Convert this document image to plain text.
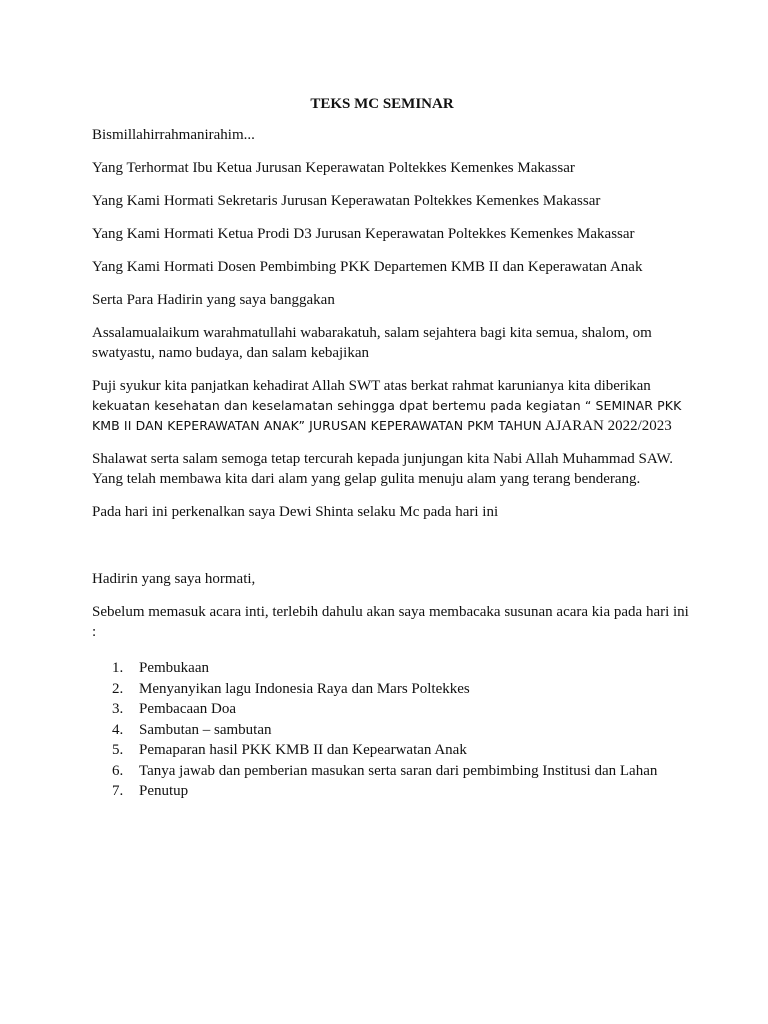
TEKS MC SEMINAR

Bismillahirrahmanirahim...

Yang Terhormat Ibu Ketua Jurusan Keperawatan Poltekkes Kemenkes Makassar

Yang Kami Hormati Sekretaris Jurusan Keperawatan Poltekkes Kemenkes Makassar

Yang Kami Hormati Ketua Prodi D3 Jurusan Keperawatan Poltekkes Kemenkes Makassar

Yang Kami Hormati Dosen Pembimbing PKK Departemen KMB II dan Keperawatan Anak

Serta Para Hadirin yang saya banggakan

Assalamualaikum warahmatullahi wabarakatuh, salam sejahtera bagi kita semua, shalom, om swatyastu, namo budaya, dan salam kebajikan

Puji syukur kita panjatkan kehadirat Allah SWT atas berkat rahmat karunianya kita diberikan kekuatan kesehatan dan keselamatan sehingga dpat bertemu pada kegiatan “ SEMINAR PKK KMB II DAN KEPERAWATAN ANAK” JURUSAN KEPERAWATAN PKM TAHUN AJARAN 2022/2023

Shalawat serta salam semoga tetap tercurah kepada junjungan kita Nabi Allah Muhammad SAW. Yang telah membawa kita dari alam yang gelap gulita menuju alam yang terang benderang.

Pada hari ini perkenalkan saya Dewi Shinta selaku Mc pada hari ini

Hadirin yang saya hormati,

Sebelum memasuk acara inti, terlebih dahulu akan saya membacaka susunan acara kia pada hari ini :

1. Pembukaan
2. Menyanyikan lagu Indonesia Raya dan Mars Poltekkes
3. Pembacaan Doa
4. Sambutan – sambutan
5. Pemaparan hasil PKK KMB II dan Kepearwatan Anak
6. Tanya jawab dan pemberian masukan serta saran dari pembimbing Institusi dan Lahan
7. Penutup
